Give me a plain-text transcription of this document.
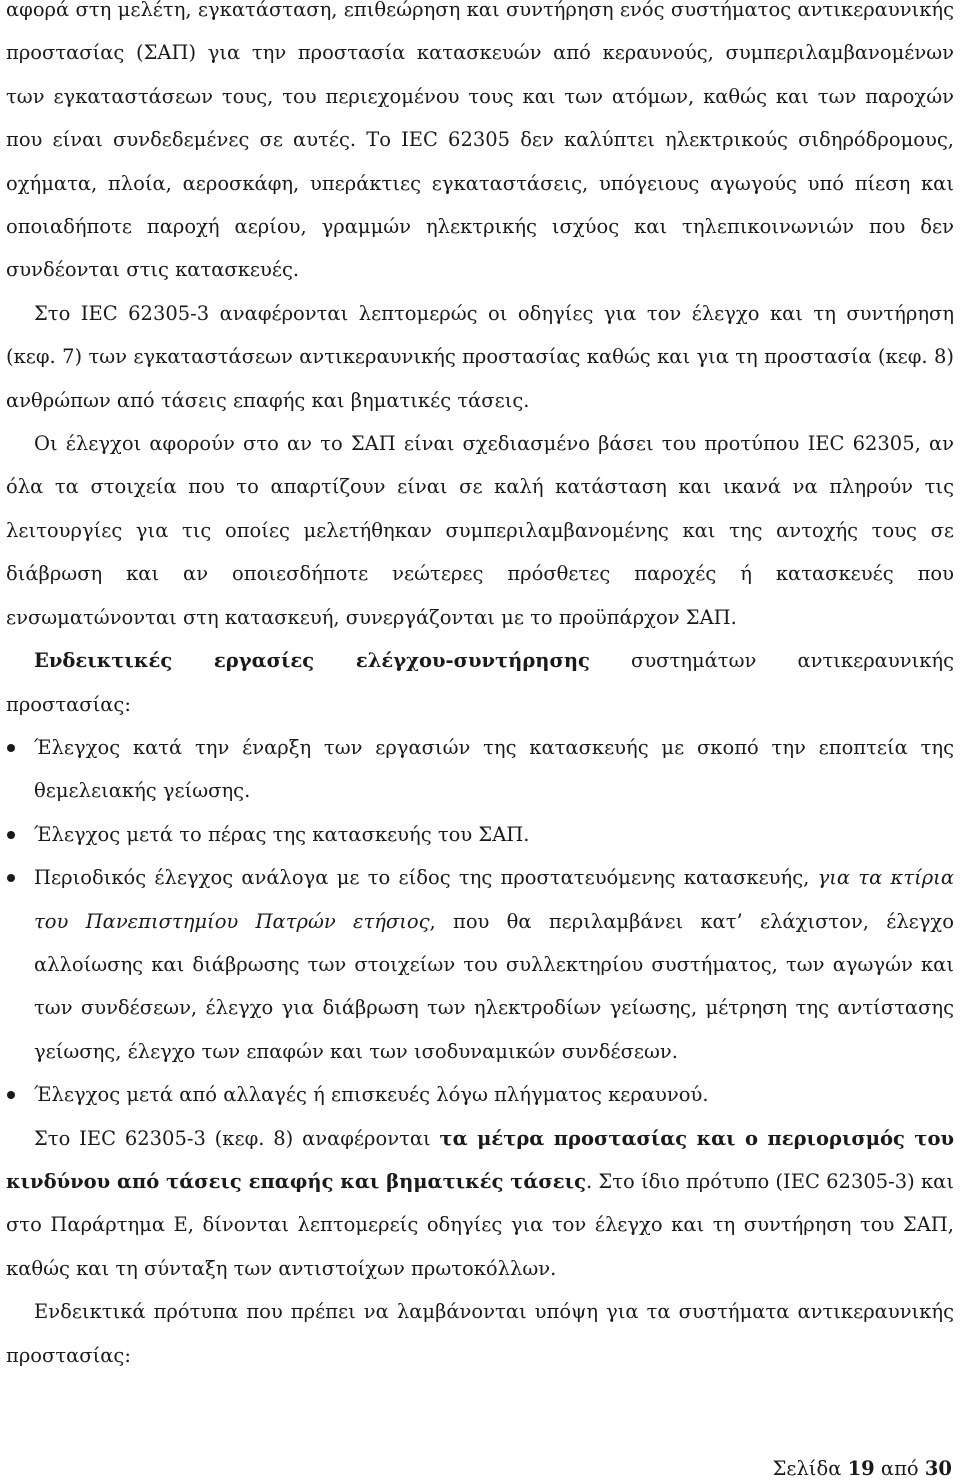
αφορά στη μελέτη, εγκατάσταση, επιθεώρηση και συντήρηση ενός συστήματος αντικεραυνικής προστασίας (ΣΑΠ) για την προστασία κατασκευών από κεραυνούς, συμπεριλαμβανομένων των εγκαταστάσεων τους, του περιεχομένου τους και των ατόμων, καθώς και των παροχών που είναι συνδεδεμένες σε αυτές. Το IEC 62305 δεν καλύπτει ηλεκτρικούς σιδηρόδρομους, οχήματα, πλοία, αεροσκάφη, υπεράκτιες εγκαταστάσεις, υπόγειους αγωγούς υπό πίεση και οποιαδήποτε παροχή αερίου, γραμμών ηλεκτρικής ισχύος και τηλεπικοινωνιών που δεν συνδέονται στις κατασκευές.

Στο IEC 62305-3 αναφέρονται λεπτομερώς οι οδηγίες για τον έλεγχο και τη συντήρηση (κεφ. 7) των εγκαταστάσεων αντικεραυνικής προστασίας καθώς και για τη προστασία (κεφ. 8) ανθρώπων από τάσεις επαφής και βηματικές τάσεις.

Οι έλεγχοι αφορούν στο αν το ΣΑΠ είναι σχεδιασμένο βάσει του προτύπου IEC 62305, αν όλα τα στοιχεία που το απαρτίζουν είναι σε καλή κατάσταση και ικανά να πληρούν τις λειτουργίες για τις οποίες μελετήθηκαν συμπεριλαμβανομένης και της αντοχής τους σε διάβρωση και αν οποιεσδήποτε νεώτερες πρόσθετες παροχές ή κατασκευές που ενσωματώνονται στη κατασκευή, συνεργάζονται με το προϋπάρχον ΣΑΠ.

Ενδεικτικές εργασίες ελέγχου-συντήρησης συστημάτων αντικεραυνικής προστασίας:

Έλεγχος κατά την έναρξη των εργασιών της κατασκευής με σκοπό την εποπτεία της θεμελειακής γείωσης.
Έλεγχος μετά το πέρας της κατασκευής του ΣΑΠ.
Περιοδικός έλεγχος ανάλογα με το είδος της προστατευόμενης κατασκευής, για τα κτίρια του Πανεπιστημίου Πατρών ετήσιος, που θα περιλαμβάνει κατ’ ελάχιστον, έλεγχο αλλοίωσης και διάβρωσης των στοιχείων του συλλεκτηρίου συστήματος, των αγωγών και των συνδέσεων, έλεγχο για διάβρωση των ηλεκτροδίων γείωσης, μέτρηση της αντίστασης γείωσης, έλεγχο των επαφών και των ισοδυναμικών συνδέσεων.
Έλεγχος μετά από αλλαγές ή επισκευές λόγω πλήγματος κεραυνού.

Στο IEC 62305-3 (κεφ. 8) αναφέρονται τα μέτρα προστασίας και ο περιορισμός του κινδύνου από τάσεις επαφής και βηματικές τάσεις. Στο ίδιο πρότυπο (IEC 62305-3) και στο Παράρτημα E, δίνονται λεπτομερείς οδηγίες για τον έλεγχο και τη συντήρηση του ΣΑΠ, καθώς και τη σύνταξη των αντιστοίχων πρωτοκόλλων.

Ενδεικτικά πρότυπα που πρέπει να λαμβάνονται υπόψη για τα συστήματα αντικεραυνικής προστασίας:

Σελίδα 19 από 30
